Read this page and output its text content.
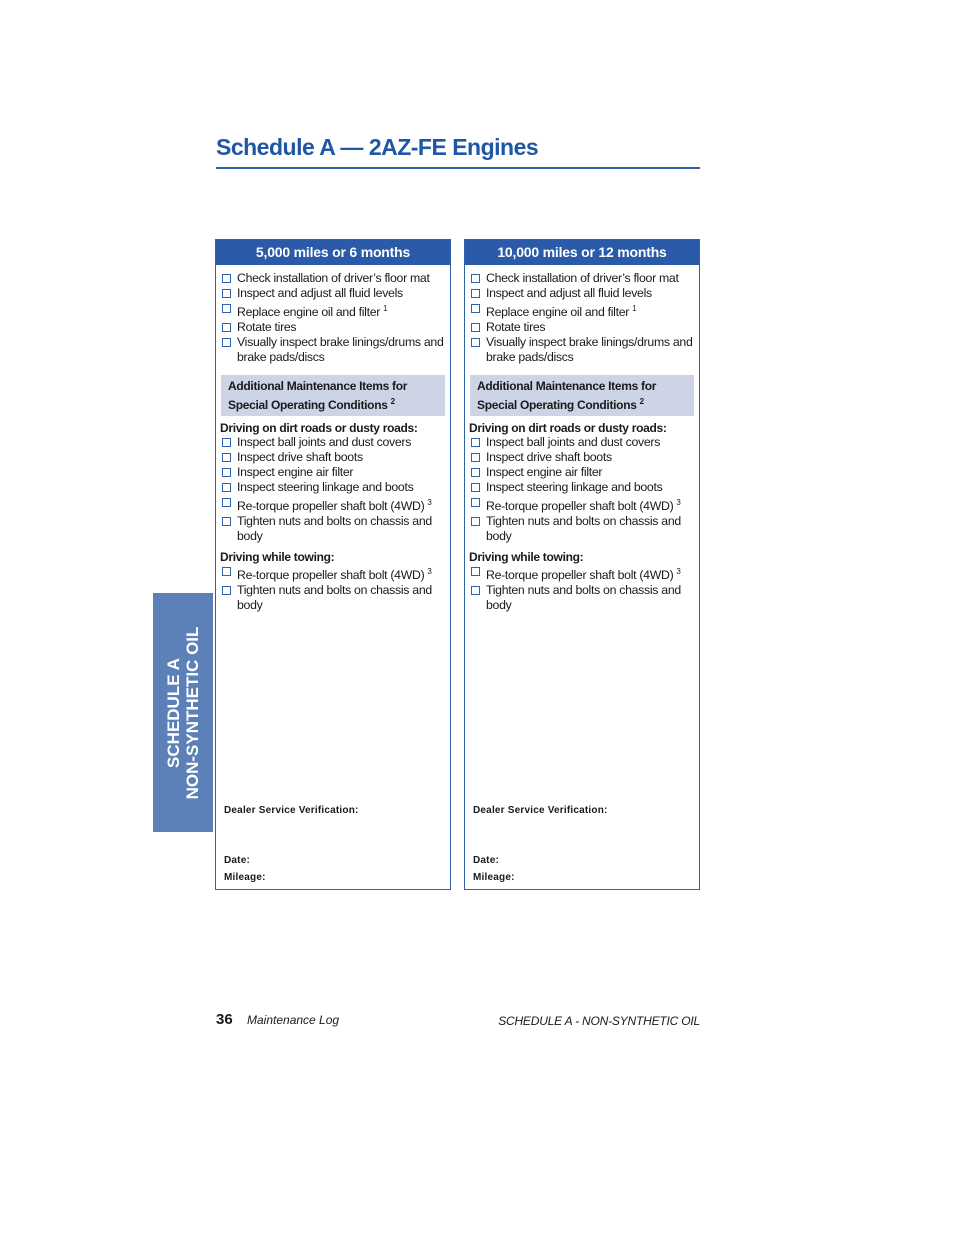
Schedule A — 2AZ-FE Engines
SCHEDULE A NON-SYNTHETIC OIL
5,000 miles or 6 months
Check installation of driver’s floor mat
Inspect and adjust all fluid levels
Replace engine oil and filter $^1$
Rotate tires
Visually inspect brake linings/drums and brake pads/discs
Additional Maintenance Items for
Special Operating Conditions $^2$
Driving on dirt roads or dusty roads:
Inspect ball joints and dust covers
Inspect drive shaft boots
Inspect engine air filter
Inspect steering linkage and boots
Re-torque propeller shaft bolt (4WD) $^3$
Tighten nuts and bolts on chassis and body
Driving while towing:
Re-torque propeller shaft bolt (4WD) $^3$
Tighten nuts and bolts on chassis and body
Dealer Service Verification:
Date:
Mileage:
10,000 miles or 12 months
Check installation of driver’s floor mat
Inspect and adjust all fluid levels
Replace engine oil and filter $^1$
Rotate tires
Visually inspect brake linings/drums and brake pads/discs
Additional Maintenance Items for
Special Operating Conditions $^2$
Driving on dirt roads or dusty roads:
Inspect ball joints and dust covers
Inspect drive shaft boots
Inspect engine air filter
Inspect steering linkage and boots
Re-torque propeller shaft bolt (4WD) $^3$
Tighten nuts and bolts on chassis and body
Driving while towing:
Re-torque propeller shaft bolt (4WD) $^3$
Tighten nuts and bolts on chassis and body
Dealer Service Verification:
Date:
Mileage:
36 Maintenance Log	SCHEDULE A - NON-SYNTHETIC OIL
